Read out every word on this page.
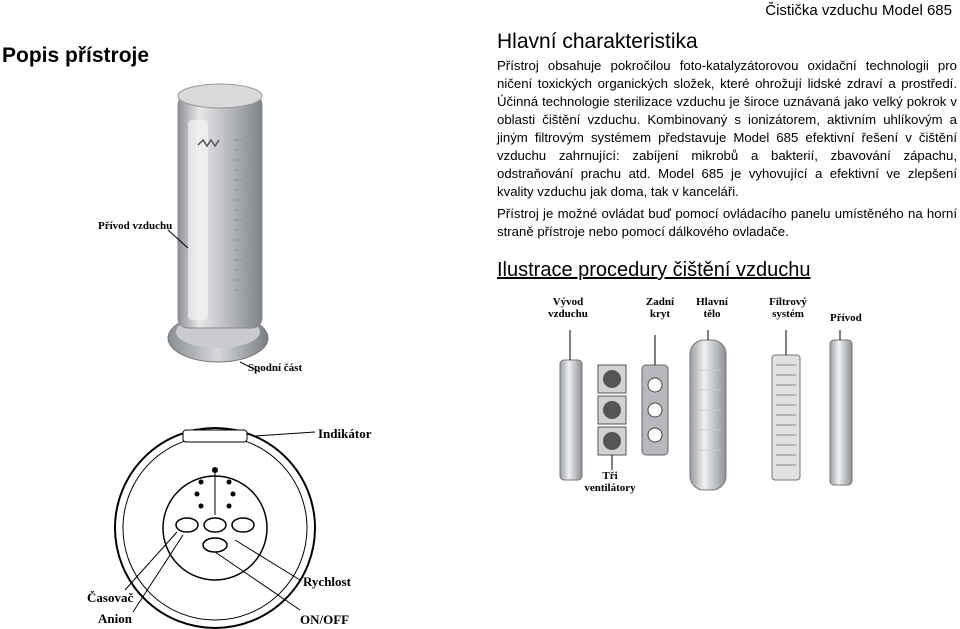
Čistička vzduchu Model 685
Popis přístroje
Hlavní charakteristika
Přístroj obsahuje pokročilou foto-katalyzátorovou oxidační technologii pro ničení toxických organických složek, které ohrožují lidské zdraví a prostředí. Účinná technologie sterilizace vzduchu je široce uznávaná jako velký pokrok v oblasti čištění vzduchu. Kombinovaný s ionizátorem, aktivním uhlíkovým a jiným filtrovým systémem představuje Model 685 efektivní řešení v čištění vzduchu zahrnující: zabíjení mikrobů a bakterií, zbavování zápachu, odstraňování prachu atd. Model 685 je vyhovující a efektivní ve zlepšení kvality vzduchu jak doma, tak v kanceláři.
Přístroj je možné ovládat buď pomocí ovládacího panelu umístěného na horní straně přístroje nebo pomocí dálkového ovladače.
Ilustrace procedury čištění vzduchu
Přívod vzduchu
Spodní část
Indikátor
Rychlost
Časovač
Anion	ON/OFF
Vývod vzduchu
Zadní kryt
Hlavní tělo
Filtrový systém	Přívod
Tři ventilátory
